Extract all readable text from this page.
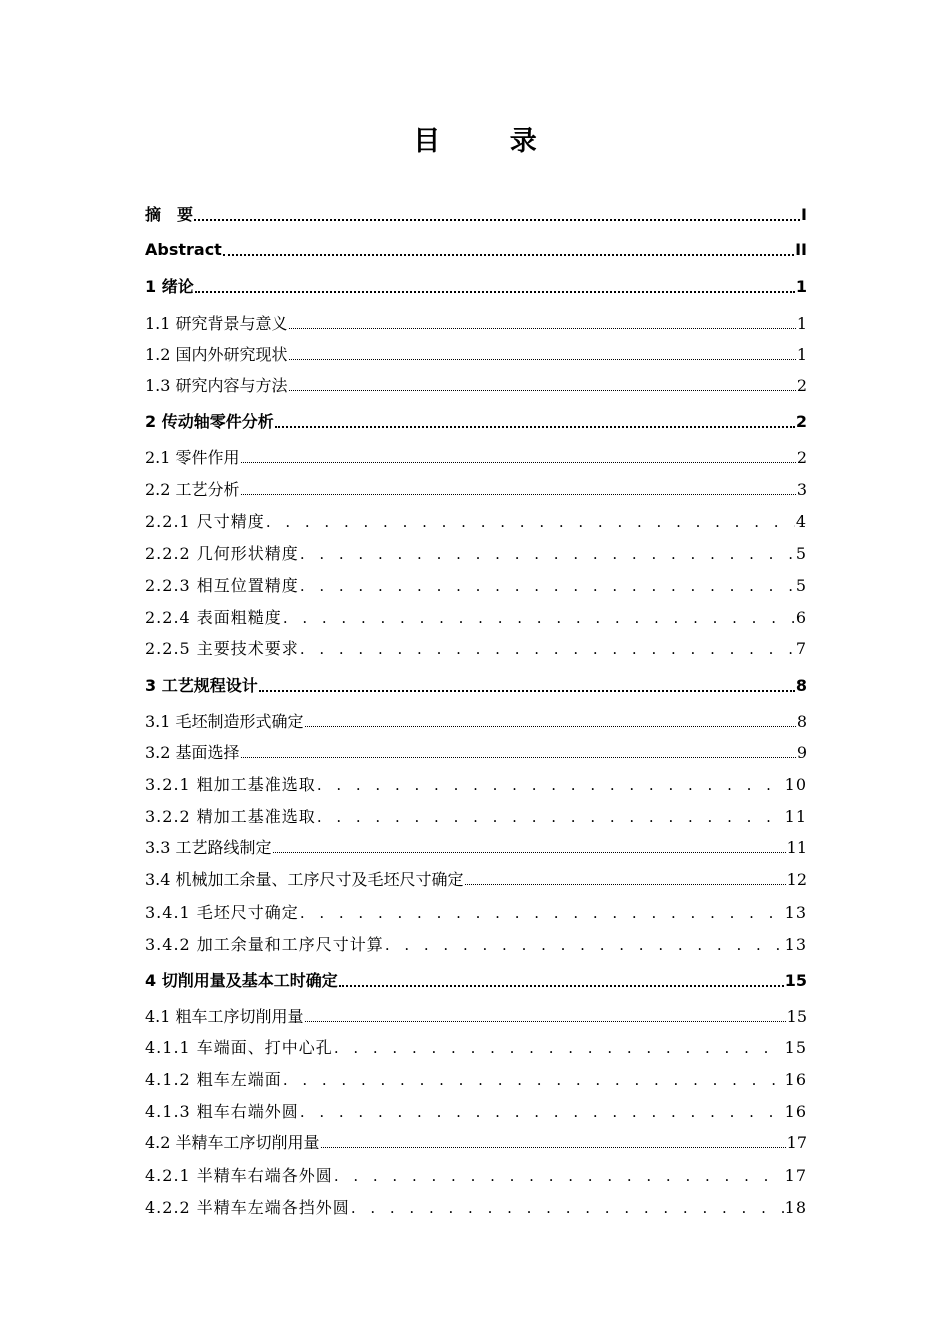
目 录
摘　要	I
Abstract	II
1 绪论	1
1.1 研究背景与意义	1
1.2 国内外研究现状	1
1.3 研究内容与方法	2
2 传动轴零件分析	2
2.1 零件作用	2
2.2 工艺分析	3
2.2.1 尺寸精度 . . .	4
2.2.2 几何形状精度 . . .	5
2.2.3 相互位置精度 . . .	5
2.2.4 表面粗糙度 . . .	6
2.2.5 主要技术要求 . . .	7
3 工艺规程设计	8
3.1 毛坯制造形式确定	8
3.2 基面选择	9
3.2.1 粗加工基准选取 . . .	10
3.2.2 精加工基准选取 . . .	11
3.3 工艺路线制定	11
3.4 机械加工余量、工序尺寸及毛坯尺寸确定	12
3.4.1 毛坯尺寸确定 . . .	13
3.4.2 加工余量和工序尺寸计算 . . .	13
4 切削用量及基本工时确定	15
4.1 粗车工序切削用量	15
4.1.1 车端面、打中心孔 . . .	15
4.1.2 粗车左端面 . . .	16
4.1.3 粗车右端外圆 . . .	16
4.2 半精车工序切削用量	17
4.2.1 半精车右端各外圆 . . .	17
4.2.2 半精车左端各挡外圆 . . .	18
